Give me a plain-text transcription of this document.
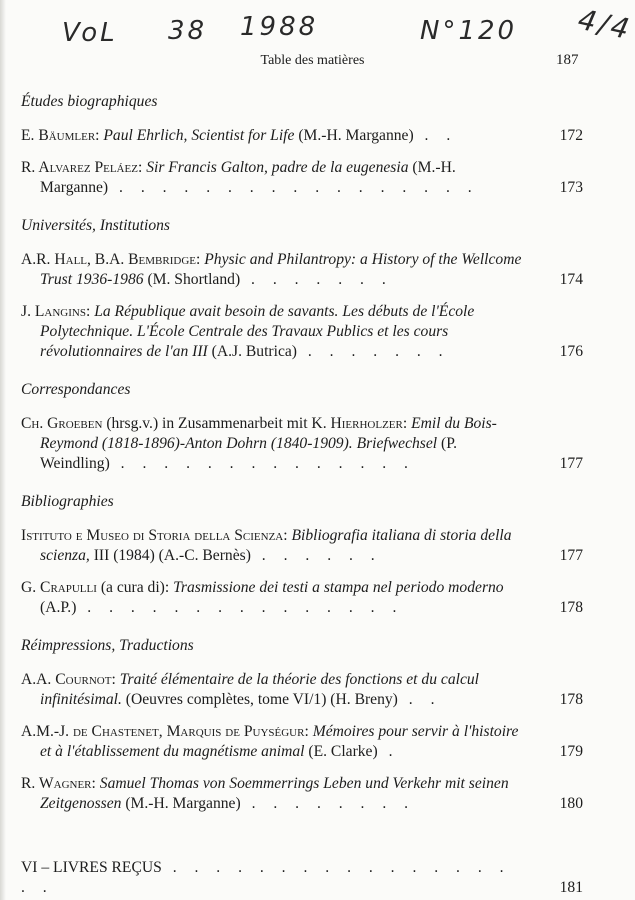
VoL 38 1988	N°120 4/4
Table des matières	187
Études biographiques
E. Bäumler: Paul Ehrlich, Scientist for Life (M.-H. Marganne) . .	172
R. Alvarez Peláez: Sir Francis Galton, padre de la eugenesia (M.-H. Marganne) . . . . . . . . . . . . . . . . .	173
Universités, Institutions
A.R. Hall, B.A. Bembridge: Physic and Philantropy: a History of the Wellcome Trust 1936-1986 (M. Shortland) . . . . . . .	174
J. Langins: La République avait besoin de savants. Les débuts de l'École Polytechnique. L'École Centrale des Travaux Publics et les cours révolutionnaires de l'an III (A.J. Butrica) . . . . . . .	176
Correspondances
Ch. Groeben (hrsg.v.) in Zusammenarbeit mit K. Hierholzer: Emil du Bois-Reymond (1818-1896)-Anton Dohrn (1840-1909). Briefwechsel (P. Weindling) . . . . . . . . . . . . . .	177
Bibliographies
Istituto e Museo di Storia della Scienza: Bibliografia italiana di storia della scienza, III (1984) (A.-C. Bernès) . . . . . .	177
G. Crapulli (a cura di): Trasmissione dei testi a stampa nel periodo moderno (A.P.) . . . . . . . . . . . . . . .	178
Réimpressions, Traductions
A.A. Cournot: Traité élémentaire de la théorie des fonctions et du calcul infinitésimal. (Oeuvres complètes, tome VI/1) (H. Breny) . .	178
A.M.-J. de Chastenet, Marquis de Puységur: Mémoires pour servir à l'histoire et à l'établissement du magnétisme animal (E. Clarke) .	179
R. Wagner: Samuel Thomas von Soemmerrings Leben und Verkehr mit seinen Zeitgenossen (M.-H. Marganne) . . . . . . . .	180
VI – LIVRES REÇUS . . . . . . . . . . . . . . . . . .	181
